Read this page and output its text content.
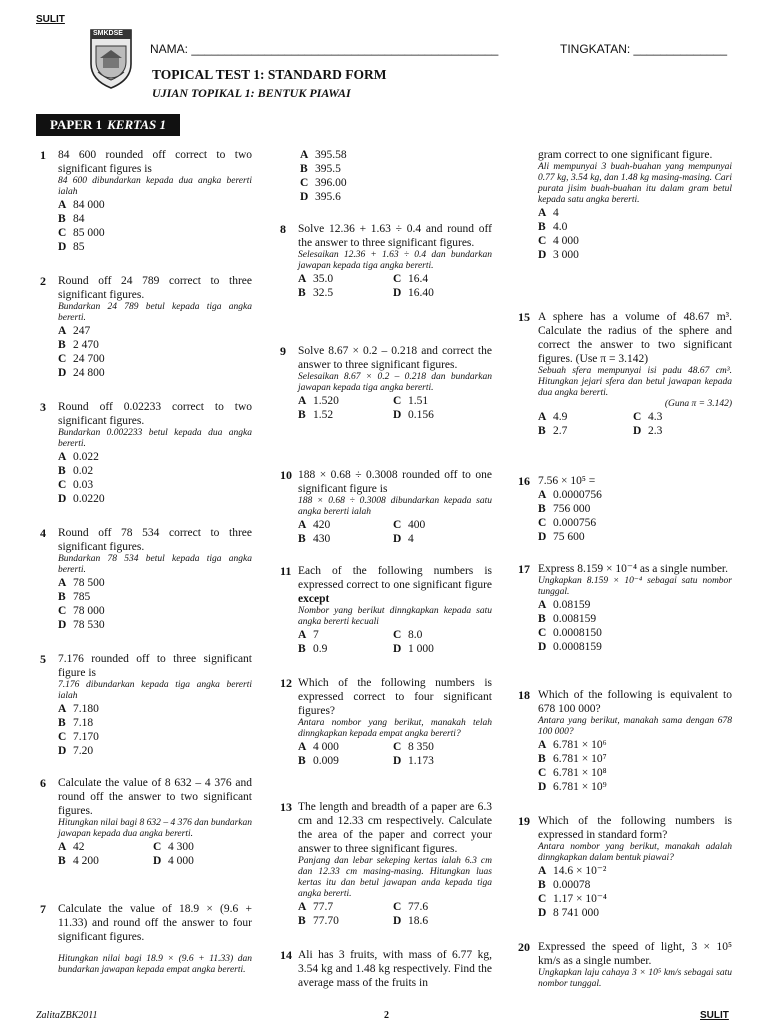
SULIT
SMKDSE
NAMA: ______________________________________________	TINGKATAN: ______________
TOPICAL TEST 1: STANDARD FORM
UJIAN TOPIKAL 1: BENTUK PIAWAI
PAPER 1 KERTAS 1
1 84 600 rounded off correct to two significant figures is
84 600 dibundarkan kepada dua angka bererti ialah
A 84 000
B 84
C 85 000
D 85
2 Round off 24 789 correct to three significant figures.
Bundarkan 24 789 betul kepada tiga angka bererti.
A 247
B 2 470
C 24 700
D 24 800
3 Round off 0.02233 correct to two significant figures.
Bundarkan 0.002233 betul kepada dua angka bererti.
A 0.022
B 0.02
C 0.03
D 0.0220
4 Round off 78 534 correct to three significant figures.
Bundarkan 78 534 betul kepada tiga angka bererti.
A 78 500
B 785
C 78 000
D 78 530
5 7.176 rounded off to three significant figure is
7.176 dibundarkan kepada tiga angka bererti ialah
A 7.180
B 7.18
C 7.170
D 7.20
6 Calculate the value of 8 632 – 4 376 and round off the answer to two significant figures.
Hitungkan nilai bagi 8 632 – 4 376 dan bundarkan jawapan kepada dua angka bererti.
A 42	C 4 300
B 4 200	D 4 000
7 Calculate the value of 18.9 × (9.6 + 11.33) and round off the answer to four significant figures.
Hitungkan nilai bagi 18.9 × (9.6 + 11.33) dan bundarkan jawapan kepada empat angka bererti.
A 395.58
B 395.5
C 396.00
D 395.6
8 Solve 12.36 + 1.63 ÷ 0.4 and round off the answer to three significant figures.
Selesaikan 12.36 + 1.63 ÷ 0.4 dan bundarkan jawapan kepada tiga angka bererti.
A 35.0	C 16.4
B 32.5	D 16.40
9 Solve 8.67 × 0.2 – 0.218 and correct the answer to three significant figures.
Selesaikan 8.67 × 0.2 – 0.218 dan bundarkan jawapan kepada tiga angka bererti.
A 1.520	C 1.51
B 1.52	D 0.156
10 188 × 0.68 ÷ 0.3008 rounded off to one significant figure is
188 × 0.68 ÷ 0.3008 dibundarkan kepada satu angka bererti ialah
A 420	C 400
B 430	D 4
11 Each of the following numbers is expressed correct to one significant figure except
Nombor yang berikut dinngkapkan kepada satu angka bererti kecuali
A 7	C 8.0
B 0.9	D 1 000
12 Which of the following numbers is expressed correct to four significant figures?
Antara nombor yang berikut, manakah telah dinngkapkan kepada empat angka bererti?
A 4 000	C 8 350
B 0.009	D 1.173
13 The length and breadth of a paper are 6.3 cm and 12.33 cm respectively. Calculate the area of the paper and correct your answer to three significant figures.
Panjang dan lebar sekeping kertas ialah 6.3 cm dan 12.33 cm masing-masing. Hitungkan luas kertas itu dan betul jawapan anda kepada tiga angka bererti.
A 77.7	C 77.6
B 77.70	D 18.6
14 Ali has 3 fruits, with mass of 6.77 kg, 3.54 kg and 1.48 kg respectively. Find the average mass of the fruits in
gram correct to one significant figure.
Ali mempunyai 3 buah-buahan yang mempunyai 0.77 kg, 3.54 kg, dan 1.48 kg masing-masing. Cari purata jisim buah-buahan itu dalam gram betul kepada satu angka bererti.
A 4
B 4.0
C 4 000
D 3 000
15 A sphere has a volume of 48.67 m³. Calculate the radius of the sphere and correct the answer to two significant figures. (Use π = 3.142)
Sebuah sfera mempunyai isi padu 48.67 cm³. Hitungkan jejari sfera dan betul jawapan kepada dua angka bererti.
(Guna π = 3.142)
A 4.9	C 4.3
B 2.7	D 2.3
16 7.56 × 10⁵ =
A 0.0000756
B 756 000
C 0.000756
D 75 600
17 Express 8.159 × 10⁻⁴ as a single number.
Ungkapkan 8.159 × 10⁻⁴ sebagai satu nombor tunggal.
A 0.08159
B 0.008159
C 0.0008150
D 0.0008159
18 Which of the following is equivalent to 678 100 000?
Antara yang berikut, manakah sama dengan 678 100 000?
A 6.781 × 10⁶
B 6.781 × 10⁷
C 6.781 × 10⁸
D 6.781 × 10⁹
19 Which of the following numbers is expressed in standard form?
Antara nombor yang berikut, manakah adalah dinngkapkan dalam bentuk piawai?
A 14.6 × 10⁻²
B 0.00078
C 1.17 × 10⁻⁴
D 8 741 000
20 Expressed the speed of light, 3 × 10⁵ km/s as a single number.
Ungkapkan laju cahaya 3 × 10⁵ km/s sebagai satu nombor tunggal.
ZalitaZBK2011	2	SULIT
